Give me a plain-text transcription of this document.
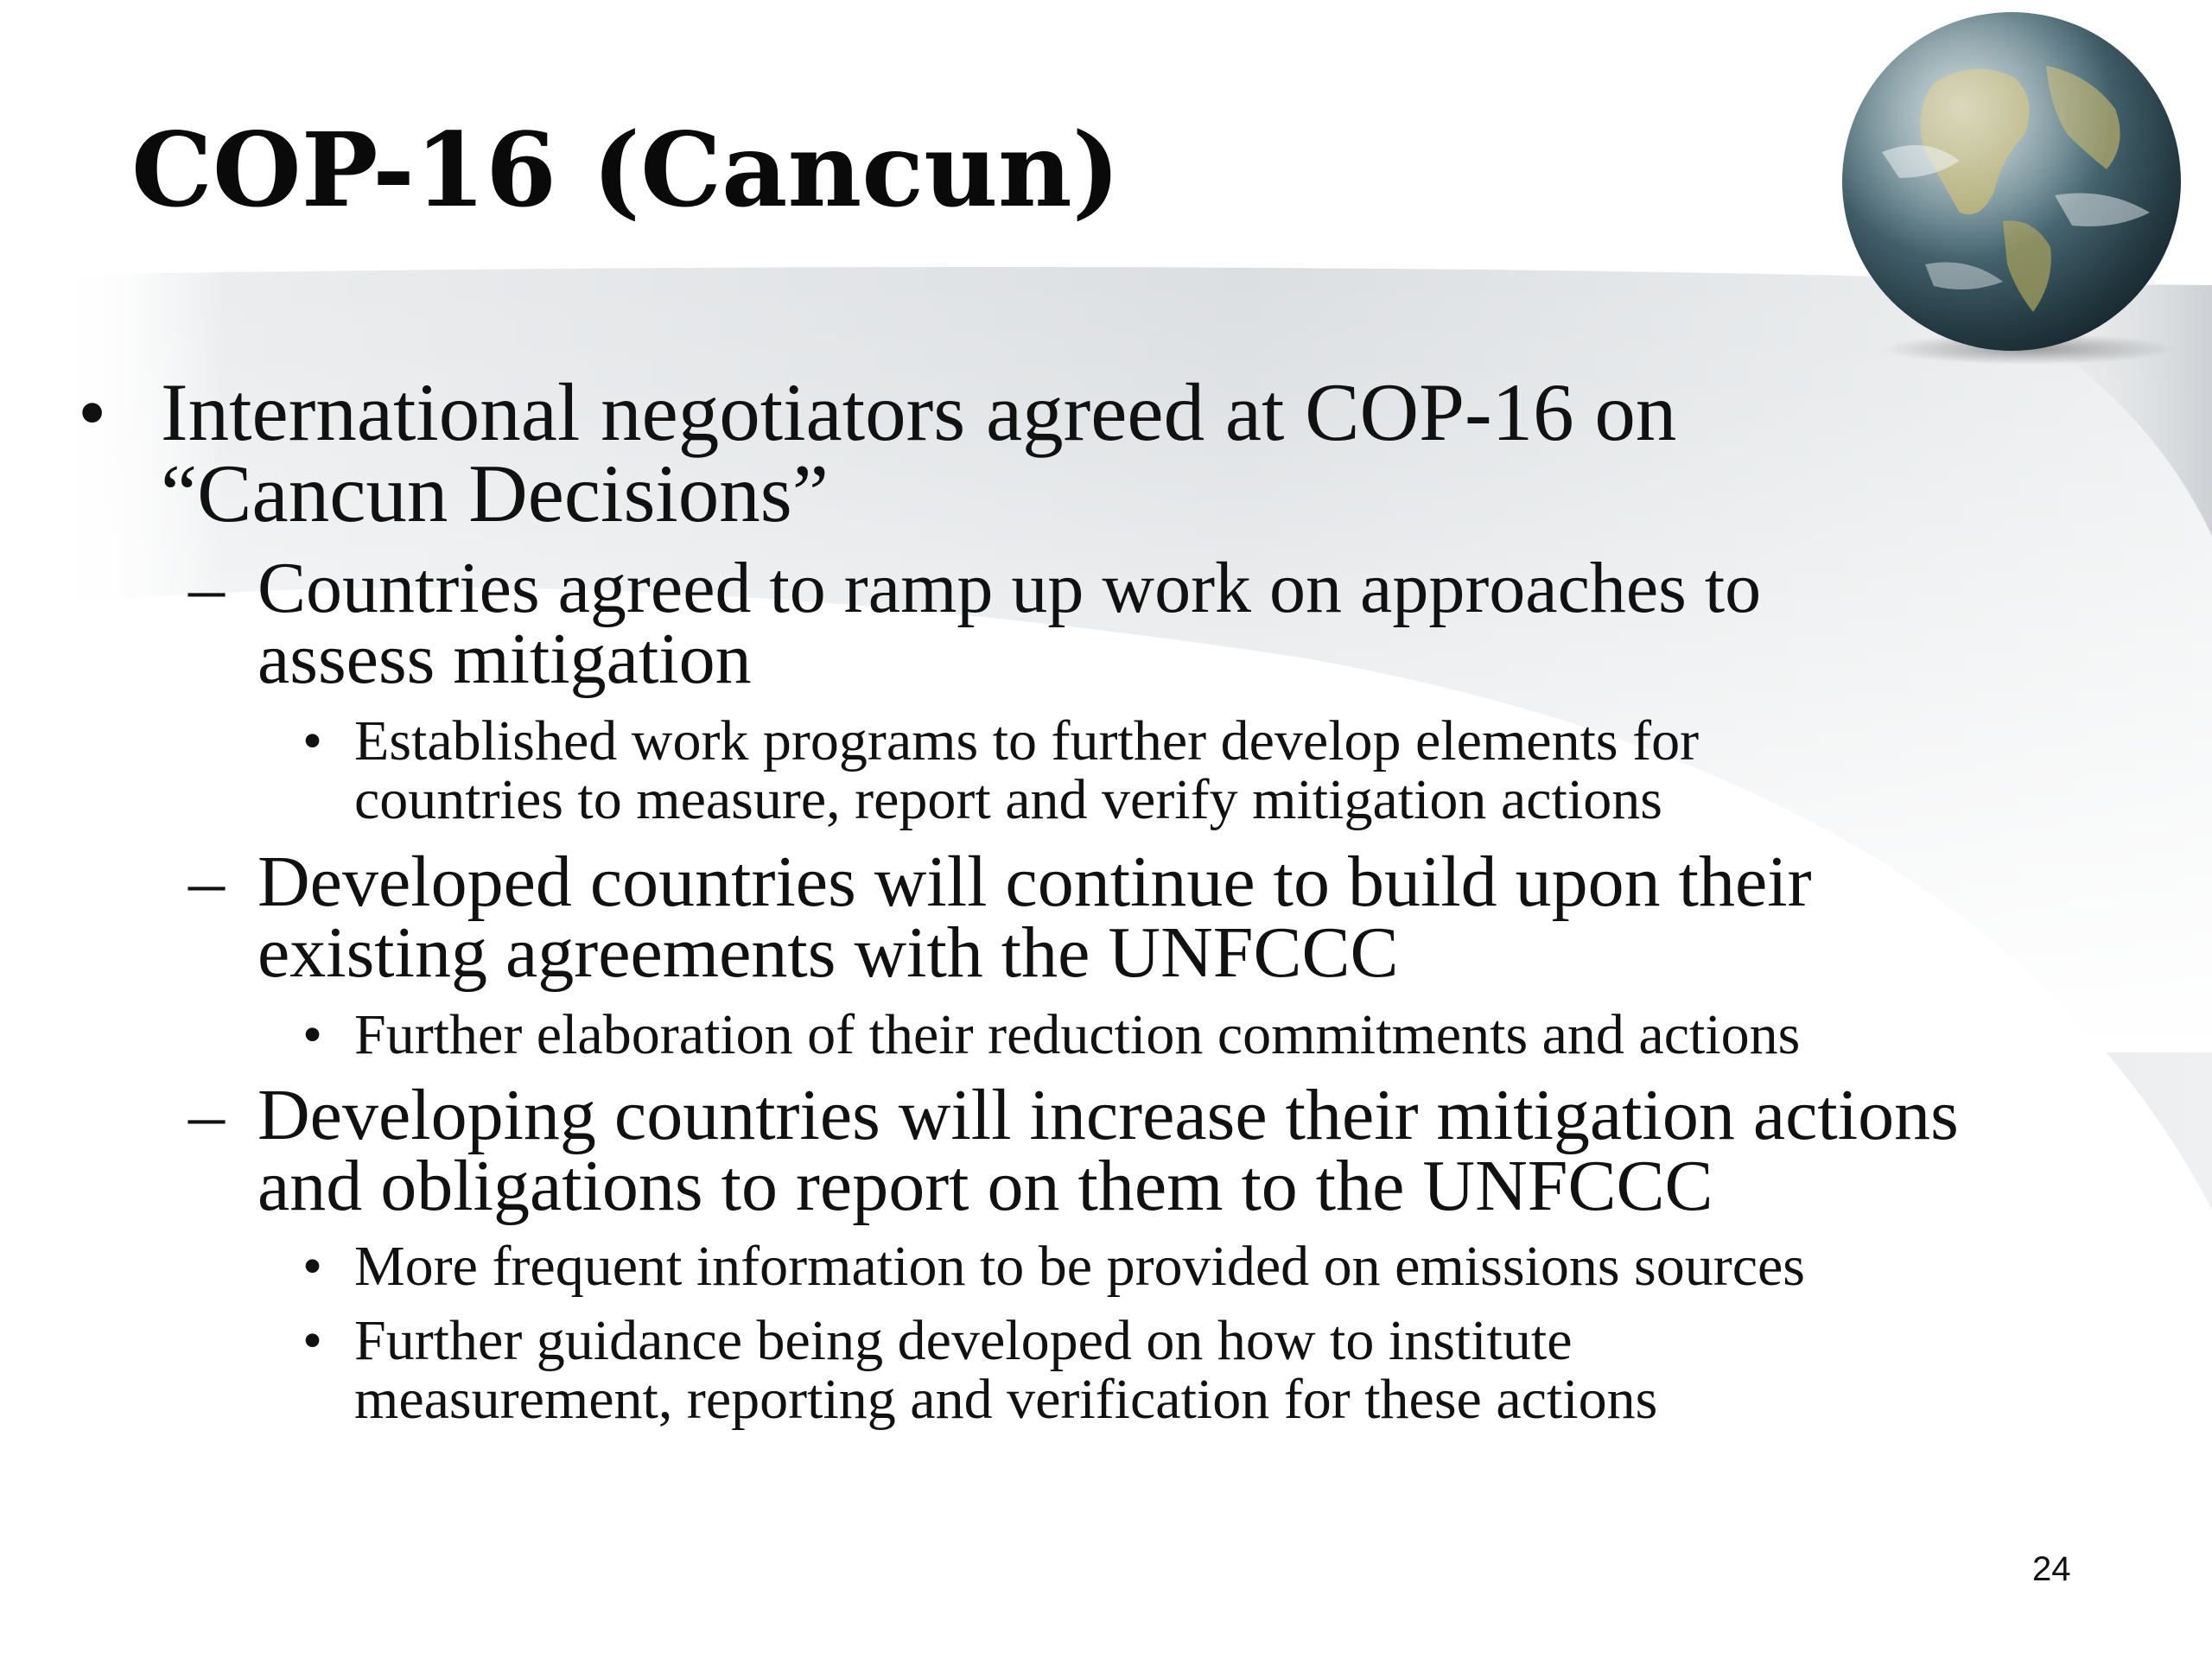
COP-16 (Cancun)
• International negotiators agreed at COP-16 on
“Cancun Decisions”
– Countries agreed to ramp up work on approaches to
assess mitigation
• Established work programs to further develop elements for
countries to measure, report and verify mitigation actions
– Developed countries will continue to build upon their
existing agreements with the UNFCCC
• Further elaboration of their reduction commitments and actions
– Developing countries will increase their mitigation actions
and obligations to report on them to the UNFCCC
• More frequent information to be provided on emissions sources
• Further guidance being developed on how to institute
measurement, reporting and verification for these actions
24
